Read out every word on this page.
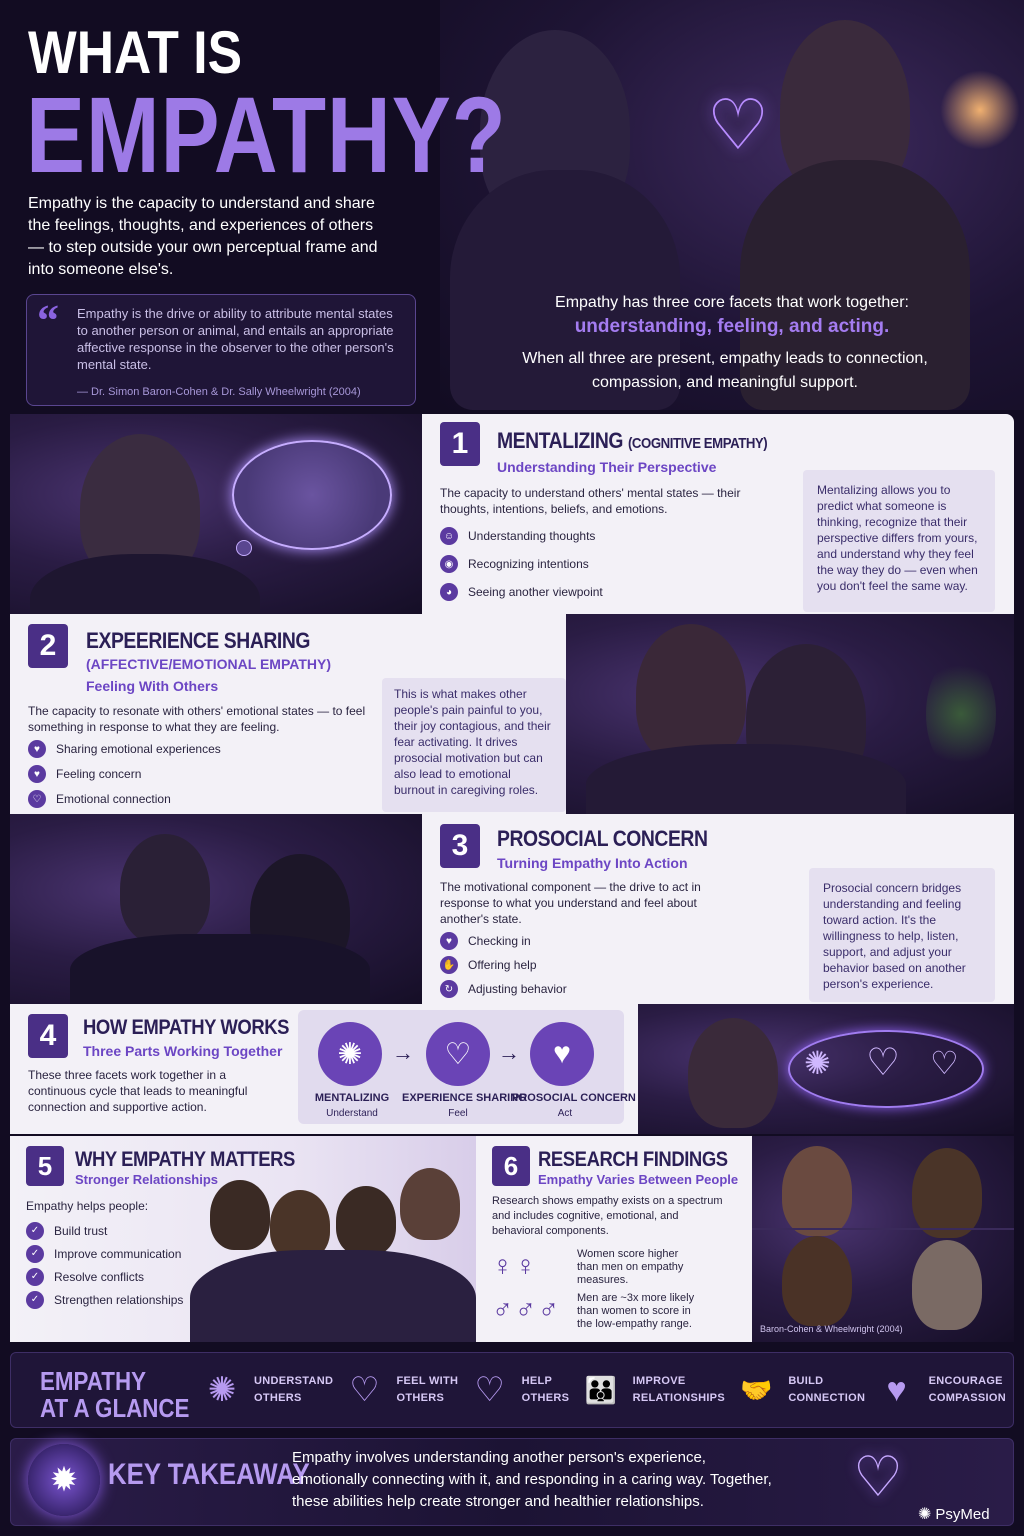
♡
WHAT IS
EMPATHY?
Empathy is the capacity to understand and share the feelings, thoughts, and experiences of others — to step outside your own perceptual frame and into someone else's.
“ Empathy is the drive or ability to attribute mental states to another person or animal, and entails an appropriate affective response in the observer to the other person's mental state.
— Dr. Simon Baron-Cohen & Dr. Sally Wheelwright (2004)
Empathy has three core facets that work together:
understanding, feeling, and acting.
When all three are present, empathy leads to connection, compassion, and meaningful support.
1	MENTALIZING (COGNITIVE EMPATHY)
Understanding Their Perspective
The capacity to understand others' mental states — their thoughts, intentions, beliefs, and emotions.
☺	Understanding thoughts
◉	Recognizing intentions
◕	Seeing another viewpoint
Mentalizing allows you to predict what someone is thinking, recognize that their perspective differs from yours, and understand why they feel the way they do — even when you don't feel the same way.
2	EXPEERIENCE SHARING
(AFFECTIVE/EMOTIONAL EMPATHY)
Feeling With Others
The capacity to resonate with others' emotional states — to feel something in response to what they are feeling.
♥	Sharing emotional experiences
♥	Feeling concern
♡	Emotional connection
This is what makes other people's pain painful to you, their joy contagious, and their fear activating. It drives prosocial motivation but can also lead to emotional burnout in caregiving roles.
3	PROSOCIAL CONCERN
Turning Empathy Into Action
The motivational component — the drive to act in response to what you understand and feel about another's state.
♥	Checking in
✋ Offering help
↻	Adjusting behavior
Prosocial concern bridges understanding and feeling toward action. It's the willingness to help, listen, support, and adjust your behavior based on another person's experience.
4	HOW EMPATHY WORKS
Three Parts Working Together
These three facets work together in a continuous cycle that leads to meaningful connection and supportive action.
✺	→	♡	→	♥
MENTALIZING
Understand
EXPERIENCE SHARING
Feel
PROSOCIAL CONCERN
Act
✺ ♡ ♡
5	WHY EMPATHY MATTERS
Stronger Relationships
Empathy helps people:
✓	Build trust
✓	Improve communication
✓	Resolve conflicts
✓	Strengthen relationships
6 RESEARCH FINDINGS
Empathy Varies Between People
Research shows empathy exists on a spectrum and includes cognitive, emotional, and behavioral components.
♀♀	Women score higher than men on empathy measures.
♂♂♂ Men are ~3x more likely than women to score in the low-empathy range.	Baron-Cohen & Wheelwright (2004)
EMPATHY
AT A GLANCE ✺	UNDERSTAND
OTHERS	♡	FEEL WITH
OTHERS ♡	HELP
OTHERS 👪	IMPROVE
RELATIONSHIPS 🤝	BUILD
CONNECTION ♥	ENCOURAGE
COMPASSION
✹ KEY TAKEAWAY
Empathy involves understanding another person's experience, emotionally connecting with it, and responding in a caring way. Together, these abilities help create stronger and healthier relationships.	♡
✺ PsyMed
